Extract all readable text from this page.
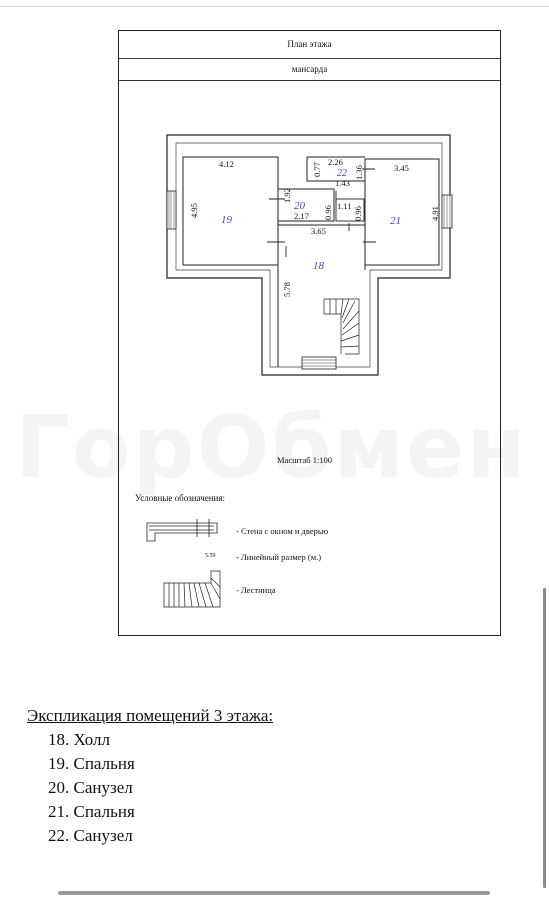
План этажа
мансарда
19
20
22
21
18
4.12
4.95
1.92
0.96
2.17
0.77
2.26
1.43
1.36	3.45
4.91
1.11
0.96
3.65
5.78
Масштаб 1:100
Условные обозначения:
- Стена с окном и дверью
5.59 - Линейный размер (м.)
- Лестница
Экспликация помещений 3 этажа:
18. Холл
19. Спальня
20. Санузел
21. Спальня
22. Санузел
